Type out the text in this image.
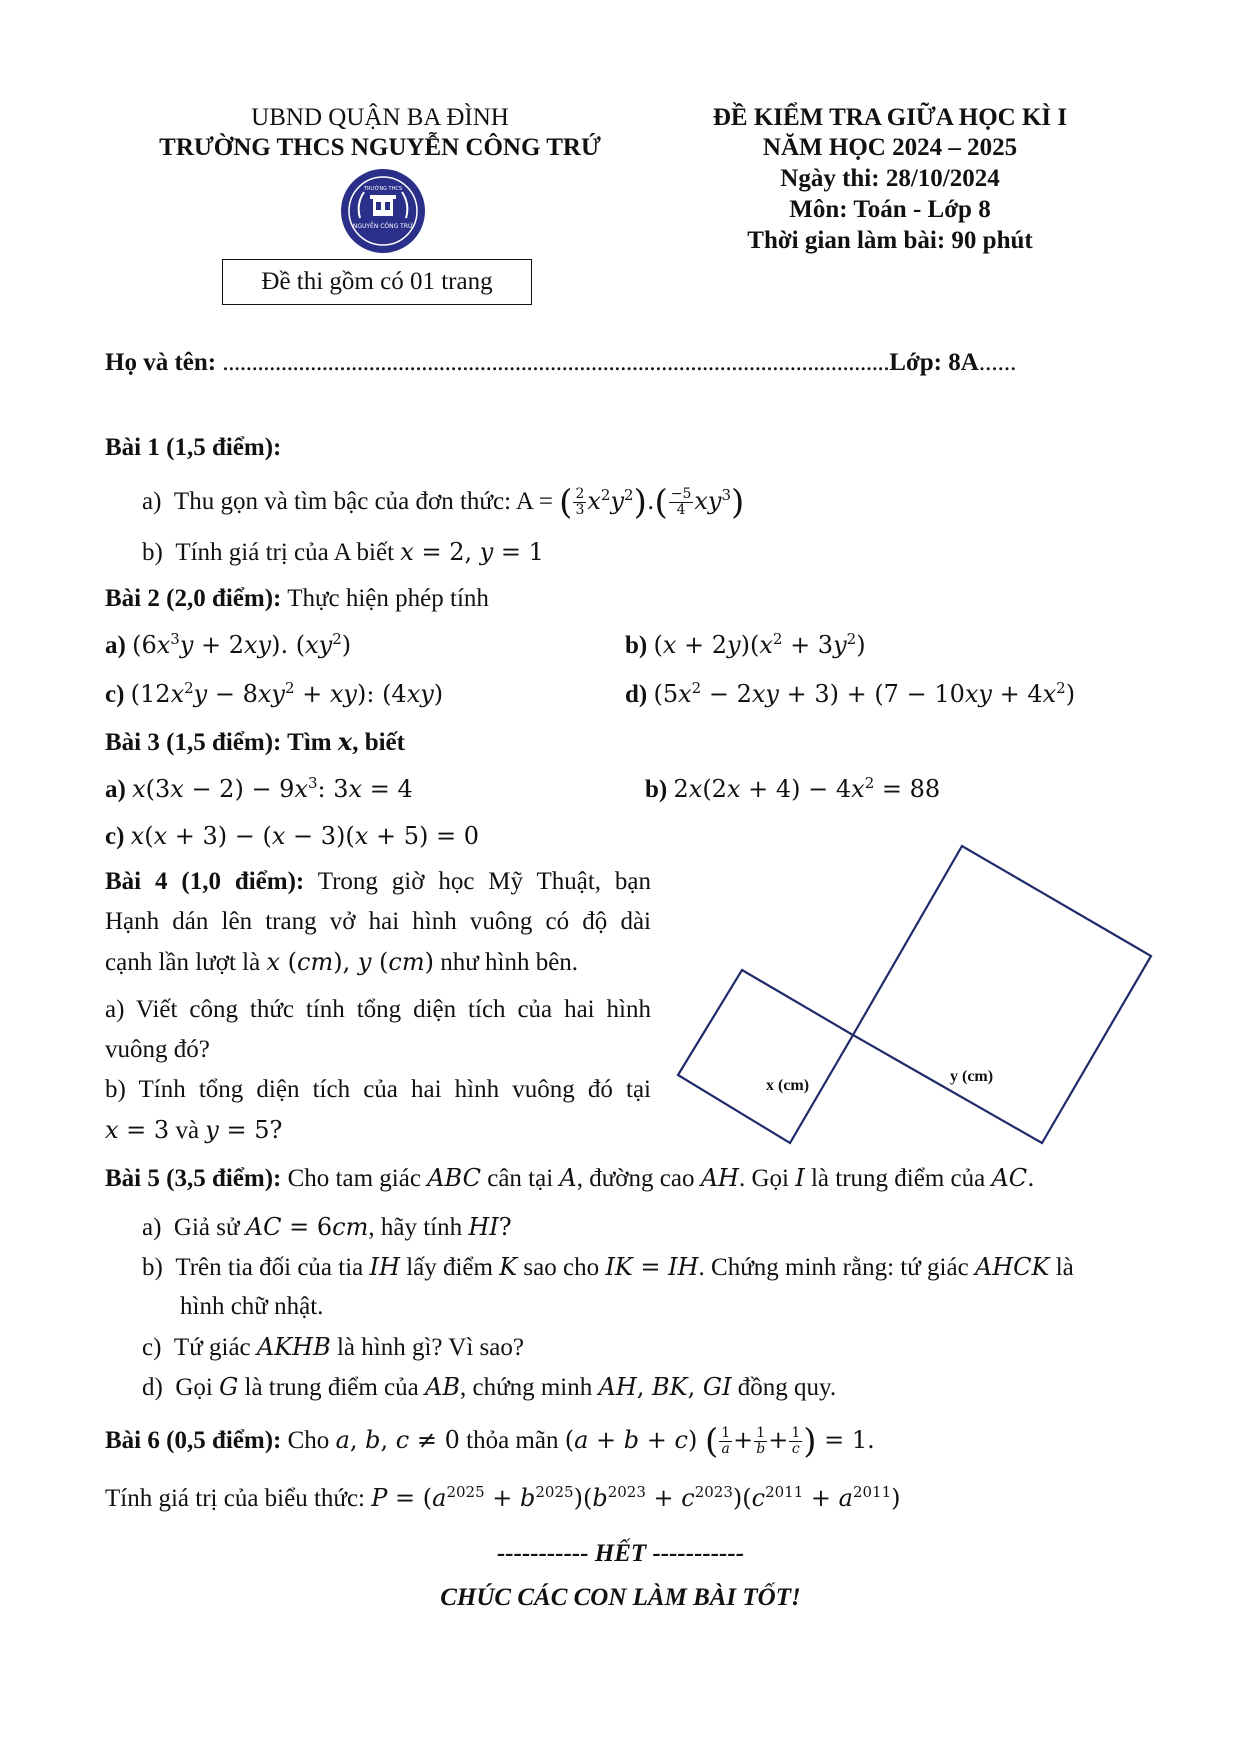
UBND QUẬN BA ĐÌNH
TRƯỜNG THCS NGUYỄN CÔNG TRỨ
NGUYỄN CÔNG TRỨ
TRƯỜNG THCS
Đề thi gồm có 01 trang
ĐỀ KIỂM TRA GIỮA HỌC KÌ I
NĂM HỌC 2024 – 2025
Ngày thi: 28/10/2024
Môn: Toán - Lớp 8
Thời gian làm bài: 90 phút
Họ và tên: ..................................................................................................................Lớp: 8A......
Bài 1 (1,5 điểm):
a) Thu gọn và tìm bậc của đơn thức: A = ( $\frac{2}{3} x^2y^2).( \frac{-5}{4} xy^3)$
b) Tính giá trị của A biết x = 2, y = 1
Bài 2 (2,0 điểm): Thực hiện phép tính
a) $(6x^3y + 2xy)$. $(xy^2)$	b) $(x + 2y)(x^2 + 3y^2)$
c) $(12x^2y - 8xy^2 + xy)$: (4xy)	d) $(5x^2 - 2xy + 3) + (7 - 10xy + 4x^2)$
Bài 3 (1,5 điểm): Tìm x, biết
a) $x(3x - 2) - 9x^3$: 3x = 4	b) $2x(2x + 4) - 4x^2 = 88$
c) x(x + 3) − (x − 3)(x + 5) = 0
Bài 4 (1,0 điểm): Trong giờ học Mỹ Thuật, bạn
Hạnh dán lên trang vở hai hình vuông có độ dài
cạnh lần lượt là x (cm), y (cm) như hình bên.
a) Viết công thức tính tổng diện tích của hai hình
vuông đó?
b) Tính tổng diện tích của hai hình vuông đó tại
x = 3 và y = 5?
x (cm)
y (cm)
Bài 5 (3,5 điểm): Cho tam giác ABC cân tại A, đường cao AH. Gọi I là trung điểm của AC.
a)  Giả sử AC = 6cm, hãy tính HI?
b)  Trên tia đối của tia IH lấy điểm K sao cho IK = IH. Chứng minh rằng: tứ giác AHCK là
hình chữ nhật.
c)  Tứ giác AKHB là hình gì? Vì sao?
d)  Gọi G là trung điểm của AB, chứng minh AH, BK, GI đồng quy.
Bài 6 (0,5 điểm): Cho a, b, c ≠ 0 thỏa mãn (a + b + c) ( $\frac{1}{a} + \frac{1}{b} + \frac{1}{c}$ ) = 1.
Tính giá trị của biểu thức: $P = (a^{2025} + b^{2025})(b^{2023} + c^{2023})(c^{2011} + a^{2011})$
----------- HẾT -----------
CHÚC CÁC CON LÀM BÀI TỐT!
